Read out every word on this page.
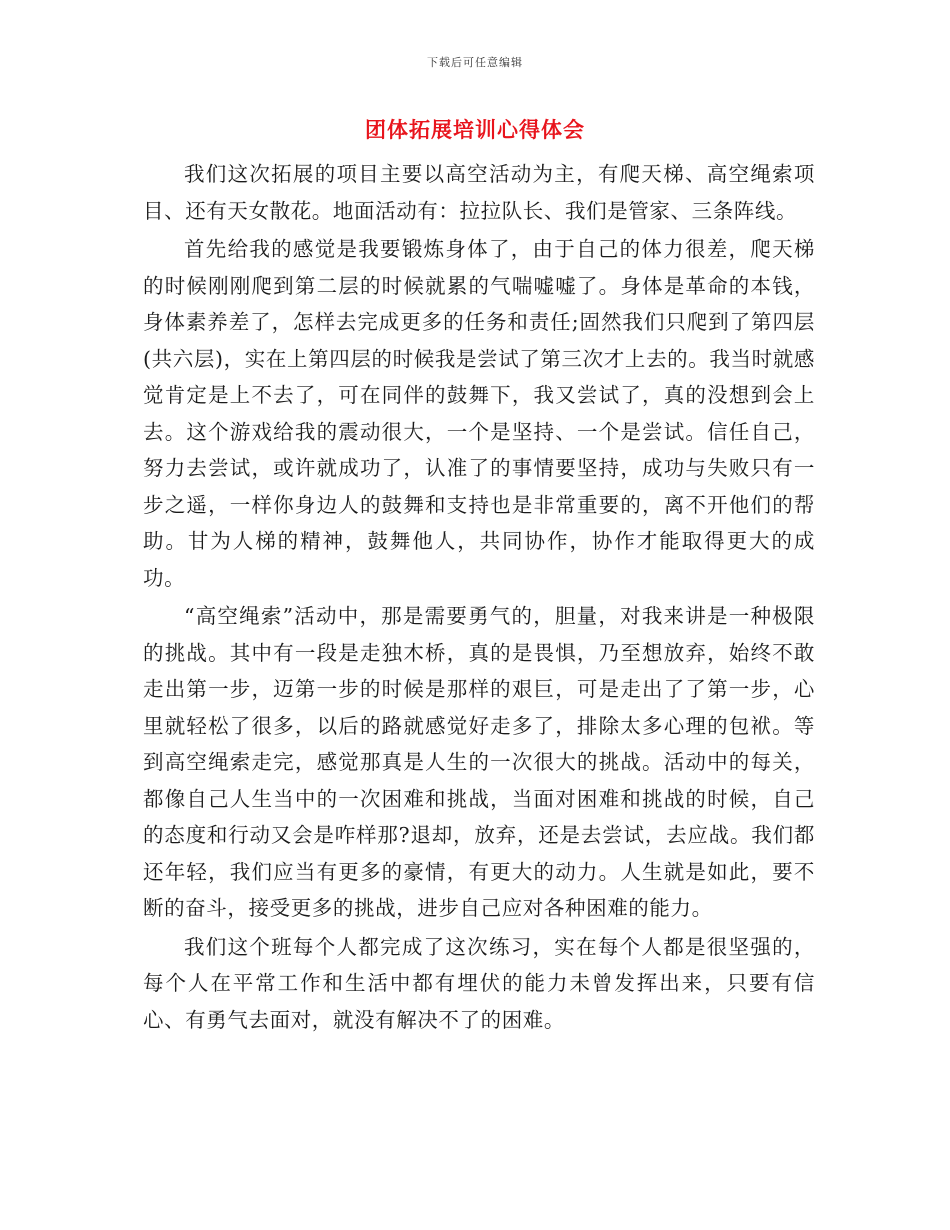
下载后可任意编辑
团体拓展培训心得体会

我们这次拓展的项目主要以高空活动为主，有爬天梯、高空绳索项目、还有天女散花。地面活动有：拉拉队长、我们是管家、三条阵线。

首先给我的感觉是我要锻炼身体了，由于自己的体力很差，爬天梯的时候刚刚爬到第二层的时候就累的气喘嘘嘘了。身体是革命的本钱，身体素养差了，怎样去完成更多的任务和责任;固然我们只爬到了第四层(共六层)，实在上第四层的时候我是尝试了第三次才上去的。我当时就感觉肯定是上不去了，可在同伴的鼓舞下，我又尝试了，真的没想到会上去。这个游戏给我的震动很大，一个是坚持、一个是尝试。信任自己，努力去尝试，或许就成功了，认准了的事情要坚持，成功与失败只有一步之遥，一样你身边人的鼓舞和支持也是非常重要的，离不开他们的帮助。甘为人梯的精神，鼓舞他人，共同协作，协作才能取得更大的成功。

“高空绳索”活动中，那是需要勇气的，胆量，对我来讲是一种极限的挑战。其中有一段是走独木桥，真的是畏惧，乃至想放弃，始终不敢走出第一步，迈第一步的时候是那样的艰巨，可是走出了了第一步，心里就轻松了很多，以后的路就感觉好走多了，排除太多心理的包袱。等到高空绳索走完，感觉那真是人生的一次很大的挑战。活动中的每关，都像自己人生当中的一次困难和挑战，当面对困难和挑战的时候，自己的态度和行动又会是咋样那?退却，放弃，还是去尝试，去应战。我们都还年轻，我们应当有更多的豪情，有更大的动力。人生就是如此，要不断的奋斗，接受更多的挑战，进步自己应对各种困难的能力。

我们这个班每个人都完成了这次练习，实在每个人都是很坚强的，每个人在平常工作和生活中都有埋伏的能力未曾发挥出来，只要有信心、有勇气去面对，就没有解决不了的困难。
